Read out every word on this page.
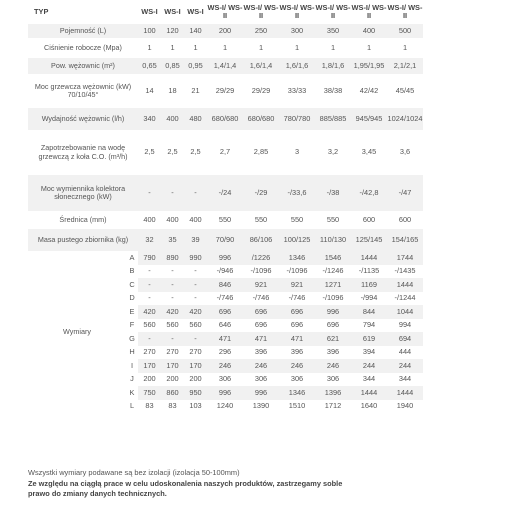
TYP		WS-I	WS-I	WS-I	WS-I/ WS-II	WS-I/ WS-II	WS-I/ WS-II	WS-I/ WS-II	WS-I/ WS-II	WS-I/ WS-II
Pojemność (L)		100	120	140	200	250	300	350	400	500
Ciśnienie robocze (Mpa)		1	1	1	1	1	1	1	1	1
Pow. wężownic (m²)		0,65	0,85	0,95	1,4/1,4	1,6/1,4	1,6/1,6	1,8/1,6	1,95/1,95	2,1/2,1
Moc grzewcza wężownic (kW) 70/10/45°		14	18	21	29/29	29/29	33/33	38/38	42/42	45/45
Wydajność wężownic (l/h)		340	400	480	680/680	680/680	780/780	885/885	945/945	1024/1024
Zapotrzebowanie na wodę grzewczą z koła C.O. (m³/h)		2,5	2,5	2,5	2,7	2,85	3	3,2	3,45	3,6
Moc wymiennika kolektora słonecznego (kW)		-	-	-	-/24	-/29	-/33,6	-/38	-/42,8	-/47
Średnica (mm)		400	400	400	550	550	550	550	600	600
Masa pustego zbiornika (kg)		32	35	39	70/90	86/106	100/125	110/130	125/145	154/165
Wymiary	A	790	890	990	996	/1226	1346	1546	1444	1744
	B	-	-	-	-/946	-/1096	-/1096	-/1246	-/1135	-/1435
	C	-	-	-	846	921	921	1271	1169	1444
	D	-	-	-	-/746	-/746	-/746	-/1096	-/994	-/1244
	E	420	420	420	696	696	696	996	844	1044
	F	560	560	560	646	696	696	696	794	994
	G	-	-	-	471	471	471	621	619	694
	H	270	270	270	296	396	396	396	394	444
	I	170	170	170	246	246	246	246	244	244
	J	200	200	200	306	306	306	306	344	344
	K	750	860	950	996	996	1346	1396	1444	1444
	L	83	83	103	1240	1390	1510	1712	1640	1940
Wszystki wymiary podawane są bez izolacji (izolacja 50-100mm)
Ze względu na ciągłą prace w celu udoskonalenia naszych produktów, zastrzegamy soble prawo do zmiany danych technicznych.
